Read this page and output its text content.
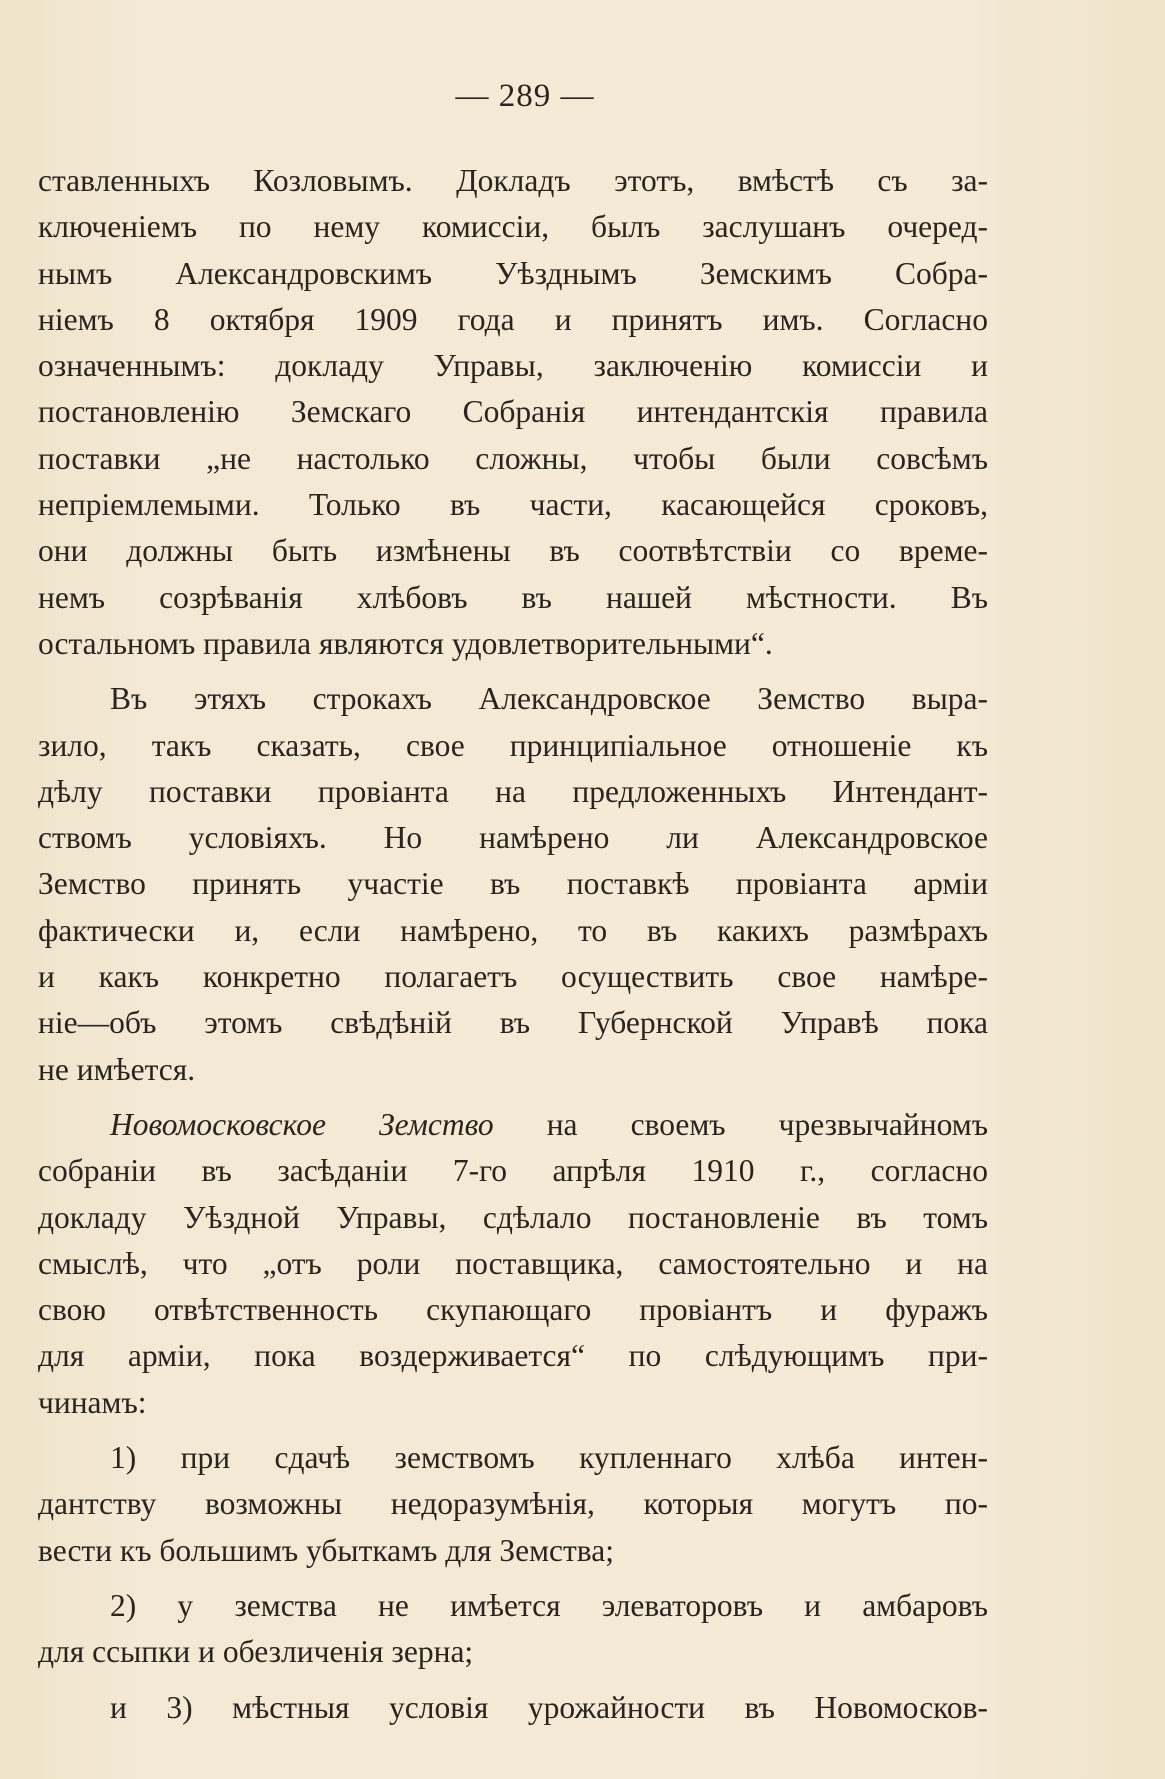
— 289 —
ставленныхъ Козловымъ. Докладъ этотъ, вмѣстѣ съ за-
ключеніемъ по нему комиссіи, былъ заслушанъ очеред-
нымъ Александровскимъ Уѣзднымъ Земскимъ Собра-
ніемъ 8 октября 1909 года и принятъ имъ. Согласно
означеннымъ: докладу Управы, заключенію комиссіи и
постановленію Земскаго Собранія интендантскія правила
поставки „не настолько сложны, чтобы были совсѣмъ
непріемлемыми. Только въ части, касающейся сроковъ,
они должны быть измѣнены въ соотвѣтствіи со време-
немъ созрѣванія хлѣбовъ въ нашей мѣстности. Въ
остальномъ правила являются удовлетворительными“.
Въ этяхъ строкахъ Александровское Земство выра-
зило, такъ сказать, свое принципіальное отношеніе къ
дѣлу поставки провіанта на предложенныхъ Интендант-
ствомъ условіяхъ. Но намѣрено ли Александровское
Земство принять участіе въ поставкѣ провіанта арміи
фактически и, если намѣрено, то въ какихъ размѣрахъ
и какъ конкретно полагаетъ осуществить свое намѣре-
ніе—объ этомъ свѣдѣній въ Губернской Управѣ пока
не имѣется.
Новомосковское Земство на своемъ чрезвычайномъ
собраніи въ засѣданіи 7-го апрѣля 1910 г., согласно
докладу Уѣздной Управы, сдѣлало постановленіе въ томъ
смыслѣ, что „отъ роли поставщика, самостоятельно и на
свою отвѣтственность скупающаго провіантъ и фуражъ
для арміи, пока воздерживается“ по слѣдующимъ при-
чинамъ:
1) при сдачѣ земствомъ купленнаго хлѣба интен-
дантству возможны недоразумѣнія, которыя могутъ по-
вести къ большимъ убыткамъ для Земства;
2) у земства не имѣется элеваторовъ и амбаровъ
для ссыпки и обезличенія зерна;
и 3) мѣстныя условія урожайности въ Новомосков-
